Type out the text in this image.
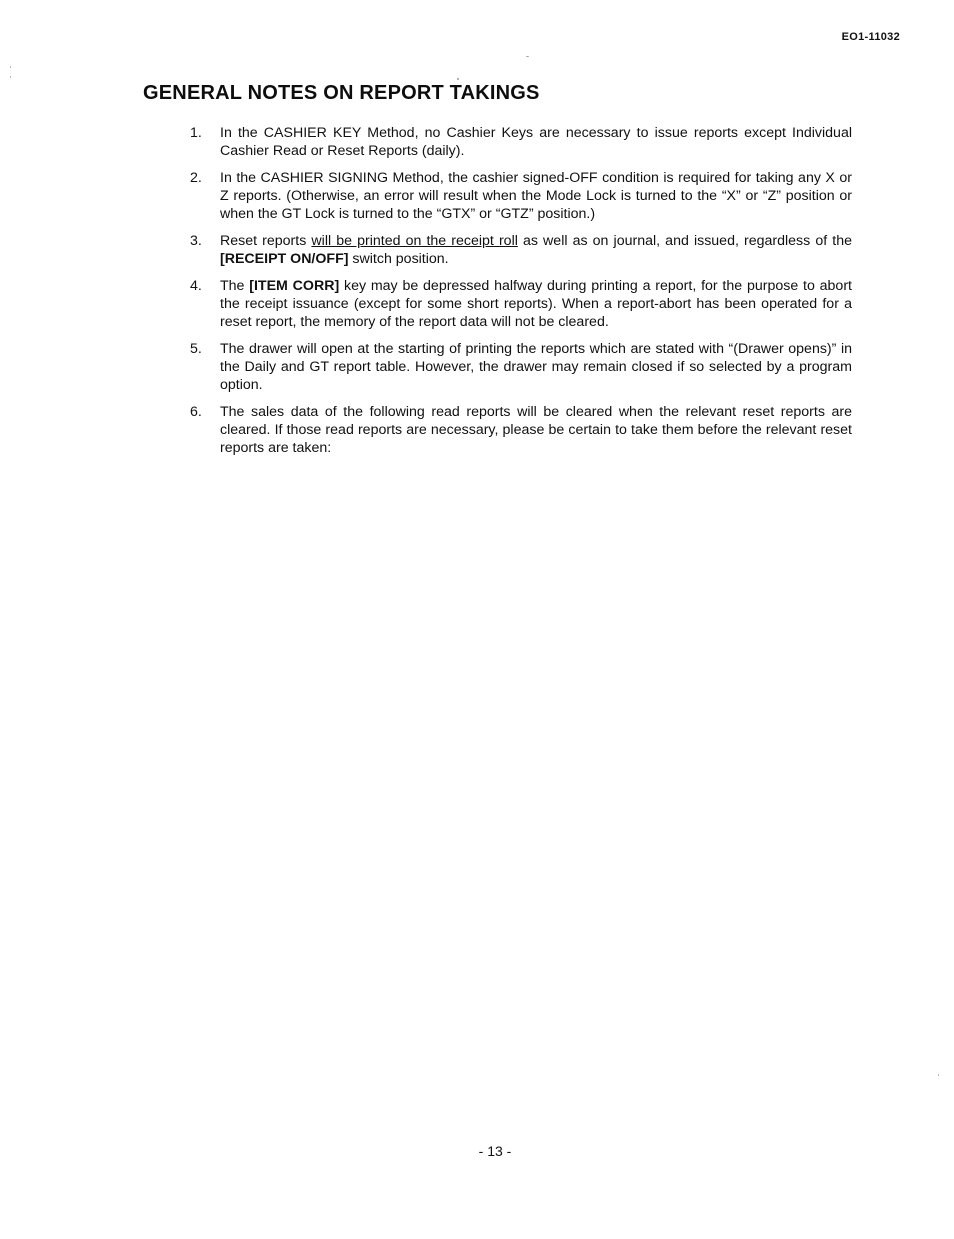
EO1-11032
GENERAL NOTES ON REPORT TAKINGS
1.	In the CASHIER KEY Method, no Cashier Keys are necessary to issue reports except Individual Cashier Read or Reset Reports (daily).
2.	In the CASHIER SIGNING Method, the cashier signed-OFF condition is required for taking any X or Z reports. (Otherwise, an error will result when the Mode Lock is turned to the “X” or “Z” position or when the GT Lock is turned to the “GTX” or “GTZ” position.)
3.	Reset reports will be printed on the receipt roll as well as on journal, and issued, regardless of the [RECEIPT ON/OFF] switch position.
4.	The [ITEM CORR] key may be depressed halfway during printing a report, for the purpose to abort the receipt issuance (except for some short reports). When a report-abort has been operated for a reset report, the memory of the report data will not be cleared.
5.	The drawer will open at the starting of printing the reports which are stated with “(Drawer opens)” in the Daily and GT report table. However, the drawer may remain closed if so selected by a program option.
6.	The sales data of the following read reports will be cleared when the relevant reset reports are cleared. If those read reports are necessary, please be certain to take them before the relevant reset reports are taken:
- 13 -
